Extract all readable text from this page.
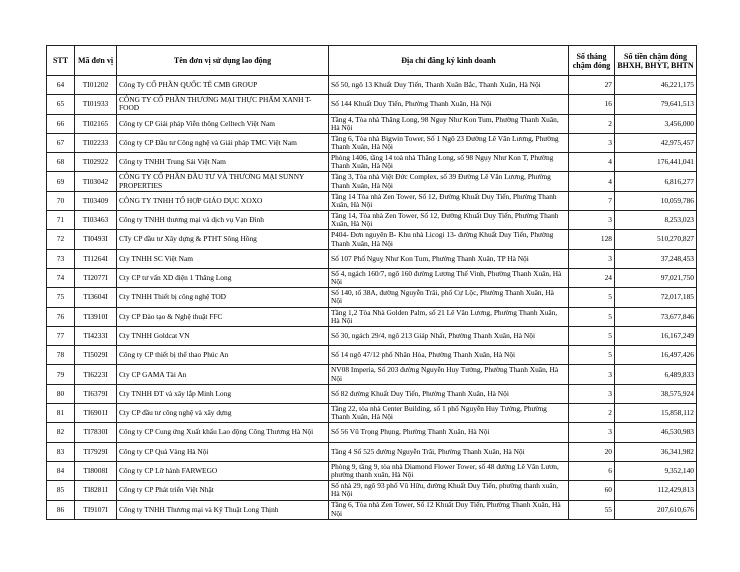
STT	Mã đơn vị	Tên đơn vị sử dụng lao động	Địa chỉ đăng ký kinh doanh	Số tháng chậm đóng	Số tiền chậm đóng BHXH, BHYT, BHTN
64	TI01202	Công Ty CỔ PHẦN QUỐC TẾ CMB GROUP	Số 50, ngõ 13 Khuất Duy Tiến, Thanh Xuân Bắc, Thanh Xuân, Hà Nội	27	46,221,175
65	TI01933	CÔNG TY CỔ PHẦN THƯƠNG MẠI THỰC PHẨM XANH T-FOOD	Số 144 Khuất Duy Tiến, Phường Thanh Xuân, Hà Nội	16	79,641,513
66	TI02165	Công ty CP Giải pháp Viễn thông Celltech Việt Nam	Tầng 4, Tòa nhà Thăng Long, 98 Nguy Như Kon Tum, Phường Thanh Xuân, Hà Nội	2	3,456,000
67	TI02233	Công ty CP Đầu tư Công nghệ và Giải pháp TMC Việt Nam	Tầng 6, Tòa nhà Bigwin Tower, Số 1 Ngõ 23 Đường Lê Văn Lương, Phường Thanh Xuân, Hà Nội	3	42,975,457
68	TI02922	Công ty TNHH Trung Sải Việt Nam	Phòng 1406, tầng 14 toà nhà Thăng Long, số 98 Ngụy Như Kon T, Phường Thanh Xuân, Hà Nội	4	176,441,041
69	TI03042	CÔNG TY CỔ PHẦN ĐẦU TƯ VÀ THƯƠNG MẠI SUNNY PROPERTIES	Tầng 3, Tòa nhà Việt Đức Complex, số 39 Đường Lê Văn Lương, Phường Thanh Xuân, Hà Nội	4	6,816,277
70	TI03409	CÔNG TY TNHH TỔ HỢP GIÁO DỤC XOXO	Tầng 14 Tòa nhà Zen Tower, Số 12, Đường Khuất Duy Tiến, Phường Thanh Xuân, Hà Nội	7	10,059,786
71	TI03463	Công ty TNHH thương mại và dịch vụ Vạn Đình	Tầng 14, Tòa nhà Zen Tower, Số 12, Đường Khuất Duy Tiến, Phường Thanh Xuân, Hà Nội	3	8,253,023
72	TI0493I	CTy CP đầu tư Xây dựng & PTHT Sông Hồng	P404- Đơn nguyên B- Khu nhà Licogi 13- đường Khuất Duy Tiến, Phường Thanh Xuân, Hà Nội	128	510,270,827
73	TI1264I	Cty TNHH SC Việt Nam	Số 107 Phố Nguỵ Như Kon Tum, Phường Thanh Xuân, TP Hà Nội	3	37,248,453
74	TI2077I	Cty CP tư vấn XD điện 1 Thăng Long	Số 4, ngách 160/7, ngõ 160 đường Lương Thế Vinh, Phường Thanh Xuân, Hà Nội	24	97,021,750
75	TI3604I	Cty TNHH Thiết bị công nghệ TOD	Số 140, tổ 38A, đường Nguyễn Trãi, phố Cự Lộc, Phường Thanh Xuân, Hà Nội	5	72,017,185
76	TI3910I	Cty CP Đào tạo & Nghệ thuật FFC	Tầng 1,2 Tòa Nhà Golden Palm, số 21 Lê Văn Lương, Phường Thanh Xuân, Hà Nội	5	73,677,846
77	TI4233I	Cty TNHH Goldcat VN	Số 30, ngách 29/4, ngõ 213 Giáp Nhất, Phường Thanh Xuân, Hà Nội	5	16,167,249
78	TI5029I	Công ty CP thiết bị thể thao Phúc An	Số 14 ngõ 47/12 phố Nhân Hòa, Phường Thanh Xuân, Hà Nội	5	16,497,426
79	TI6223I	Cty CP GAMA Tài An	NV08 Imperia, Số 203 đường Nguyễn Huy Tưởng, Phường Thanh Xuân, Hà Nội	3	6,489,833
80	TI6379I	Cty TNHH ĐT và xây lắp Minh Long	Số 82 đường Khuất Duy Tiến, Phường Thanh Xuân, Hà Nội	3	38,575,924
81	TI6901I	Cty CP đầu tư công nghệ và xây dựng	Tầng 22, tòa nhà Center Building, số 1 phố Nguyễn Huy Tưởng, Phường Thanh Xuân, Hà Nội	2	15,858,112
82	TI7830I	Công ty CP Cung ứng Xuất khẩu Lao động Công Thương Hà Nội	Số 56 Vũ Trọng Phụng, Phường Thanh Xuân, Hà Nội	3	46,530,983
83	TI7929I	Công ty CP Quà Vàng Hà Nội	Tầng 4 Số 525 đường Nguyễn Trãi, Phường Thanh Xuân, Hà Nội	20	36,341,982
84	TI8008I	Công ty CP Lữ hành FARWEGO	Phòng 9, tầng 9, tòa nhà Diamond Flower Tower, số 48 đường Lê Văn Lươn, phường thanh xuân, Hà Nội	6	9,352,140
85	TI8281I	Công ty CP Phát triển Việt Nhật	Số nhà 29, ngõ 93 phố Vũ Hữu, đường Khuất Duy Tiến, phường thanh xuân, Hà Nội	60	112,429,813
86	TI9107I	Công ty TNHH Thương mại và Kỹ Thuật Long Thịnh	Tầng 6, Tòa nhà Zen Tower, Số 12 Khuất Duy Tiến, Phường Thanh Xuân, Hà Nội	55	207,610,676
